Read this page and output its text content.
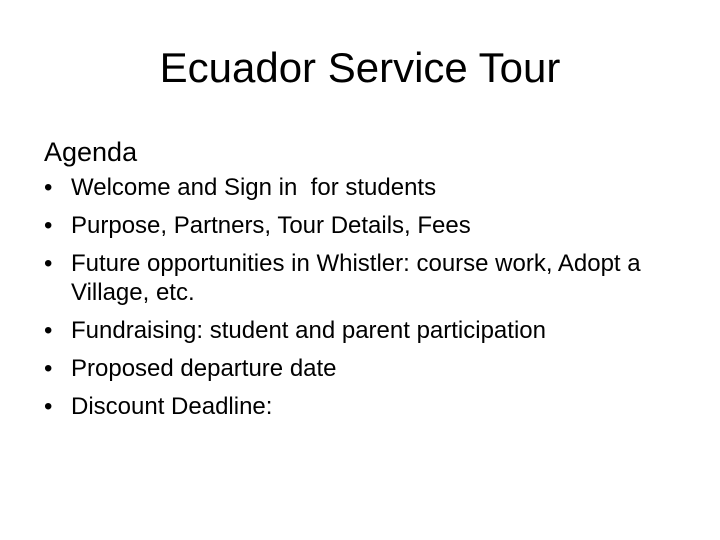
Ecuador Service Tour
Agenda
• Welcome and Sign in  for students
• Purpose, Partners, Tour Details, Fees
• Future opportunities in Whistler: course work, Adopt a Village, etc.
• Fundraising: student and parent participation
• Proposed departure date
• Discount Deadline:
